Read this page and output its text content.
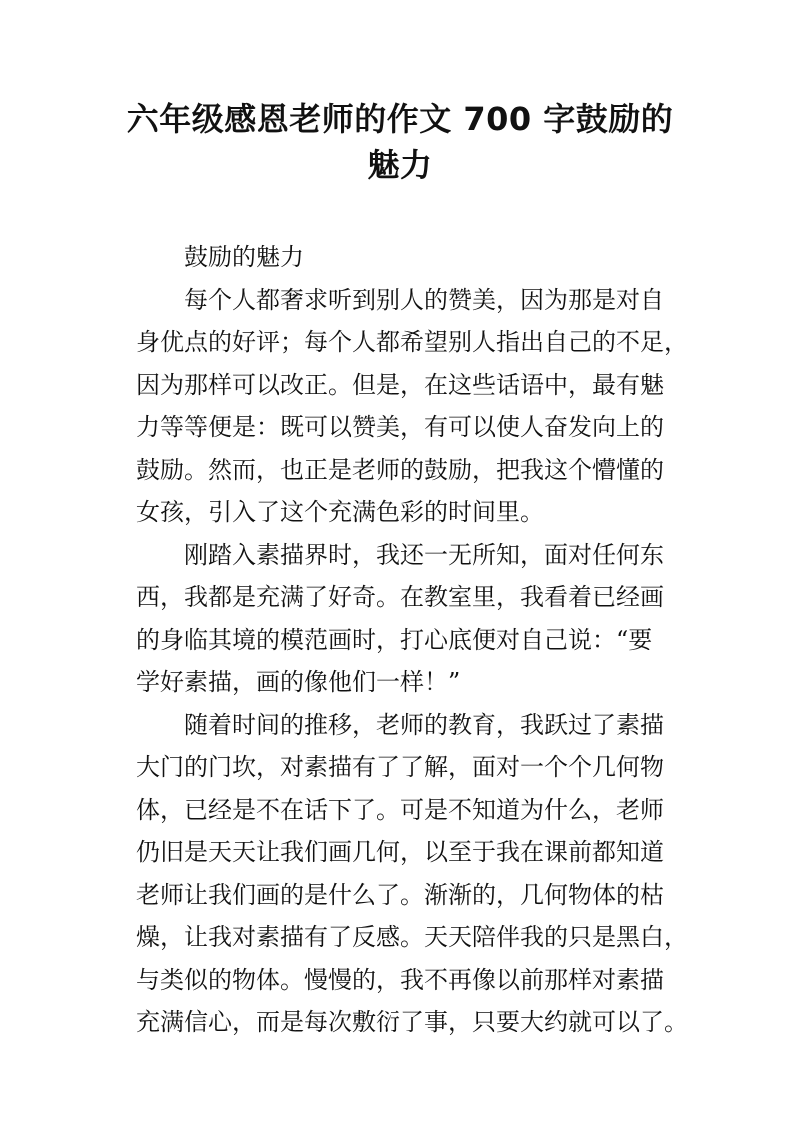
六年级感恩老师的作文 700 字鼓励的
魅力
鼓励的魅力
每个人都奢求听到别人的赞美，因为那是对自
身优点的好评；每个人都希望别人指出自己的不足，
因为那样可以改正。但是，在这些话语中，最有魅
力等等便是：既可以赞美，有可以使人奋发向上的
鼓励。然而，也正是老师的鼓励，把我这个懵懂的
女孩，引入了这个充满色彩的时间里。
刚踏入素描界时，我还一无所知，面对任何东
西，我都是充满了好奇。在教室里，我看着已经画
的身临其境的模范画时，打心底便对自己说：“要
学好素描，画的像他们一样！”
随着时间的推移，老师的教育，我跃过了素描
大门的门坎，对素描有了了解，面对一个个几何物
体，已经是不在话下了。可是不知道为什么，老师
仍旧是天天让我们画几何，以至于我在课前都知道
老师让我们画的是什么了。渐渐的，几何物体的枯
燥，让我对素描有了反感。天天陪伴我的只是黑白，
与类似的物体。慢慢的，我不再像以前那样对素描
充满信心，而是每次敷衍了事，只要大约就可以了。
